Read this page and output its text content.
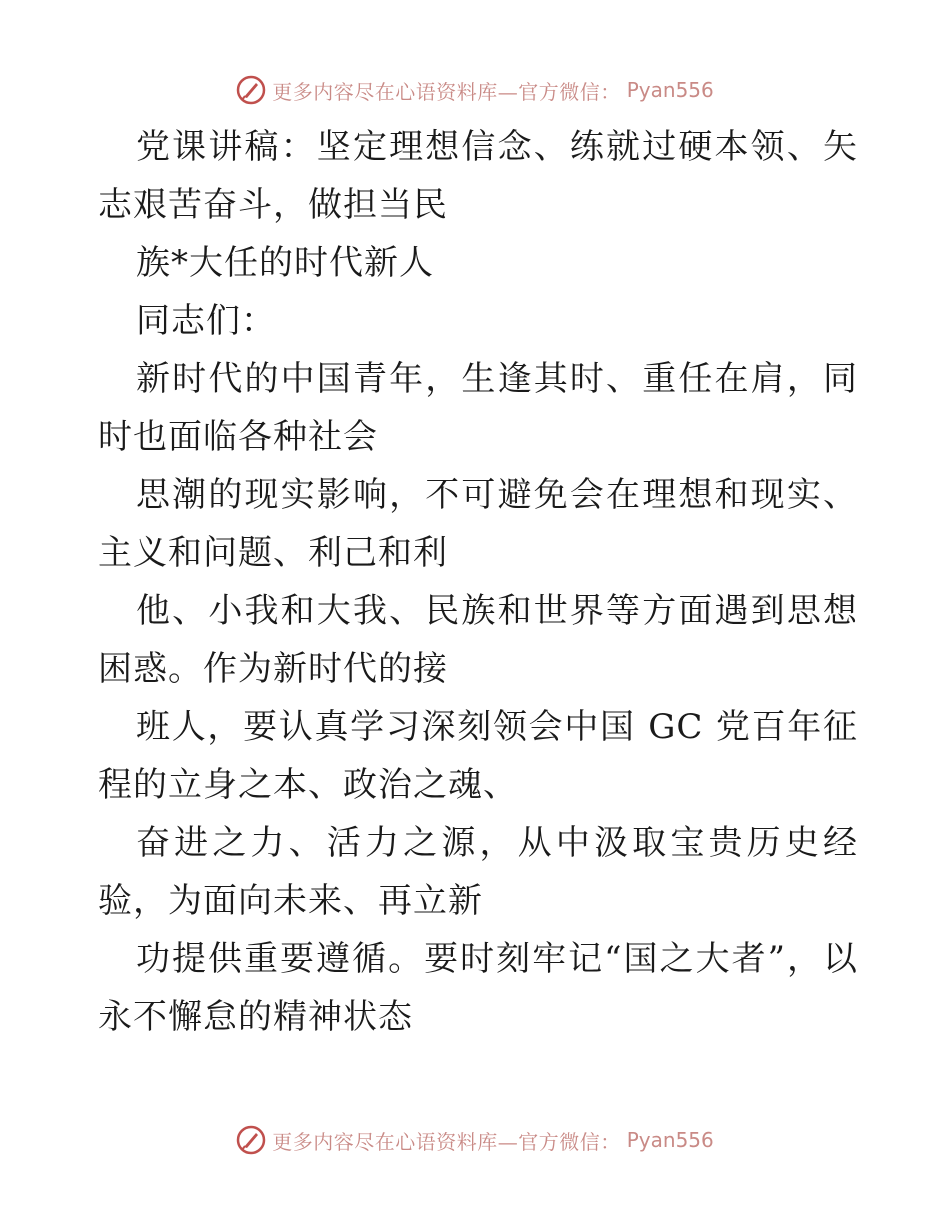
更多内容尽在心语资料库—官方微信： Pyan556

党课讲稿：坚定理想信念、练就过硬本领、矢志艰苦奋斗，做担当民

族*大任的时代新人

同志们：

新时代的中国青年，生逢其时、重任在肩，同时也面临各种社会

思潮的现实影响，不可避免会在理想和现实、主义和问题、利己和利

他、小我和大我、民族和世界等方面遇到思想困惑。作为新时代的接

班人，要认真学习深刻领会中国 GC 党百年征程的立身之本、政治之魂、

奋进之力、活力之源，从中汲取宝贵历史经验，为面向未来、再立新

功提供重要遵循。要时刻牢记“国之大者”，以永不懈怠的精神状态

更多内容尽在心语资料库—官方微信： Pyan556
